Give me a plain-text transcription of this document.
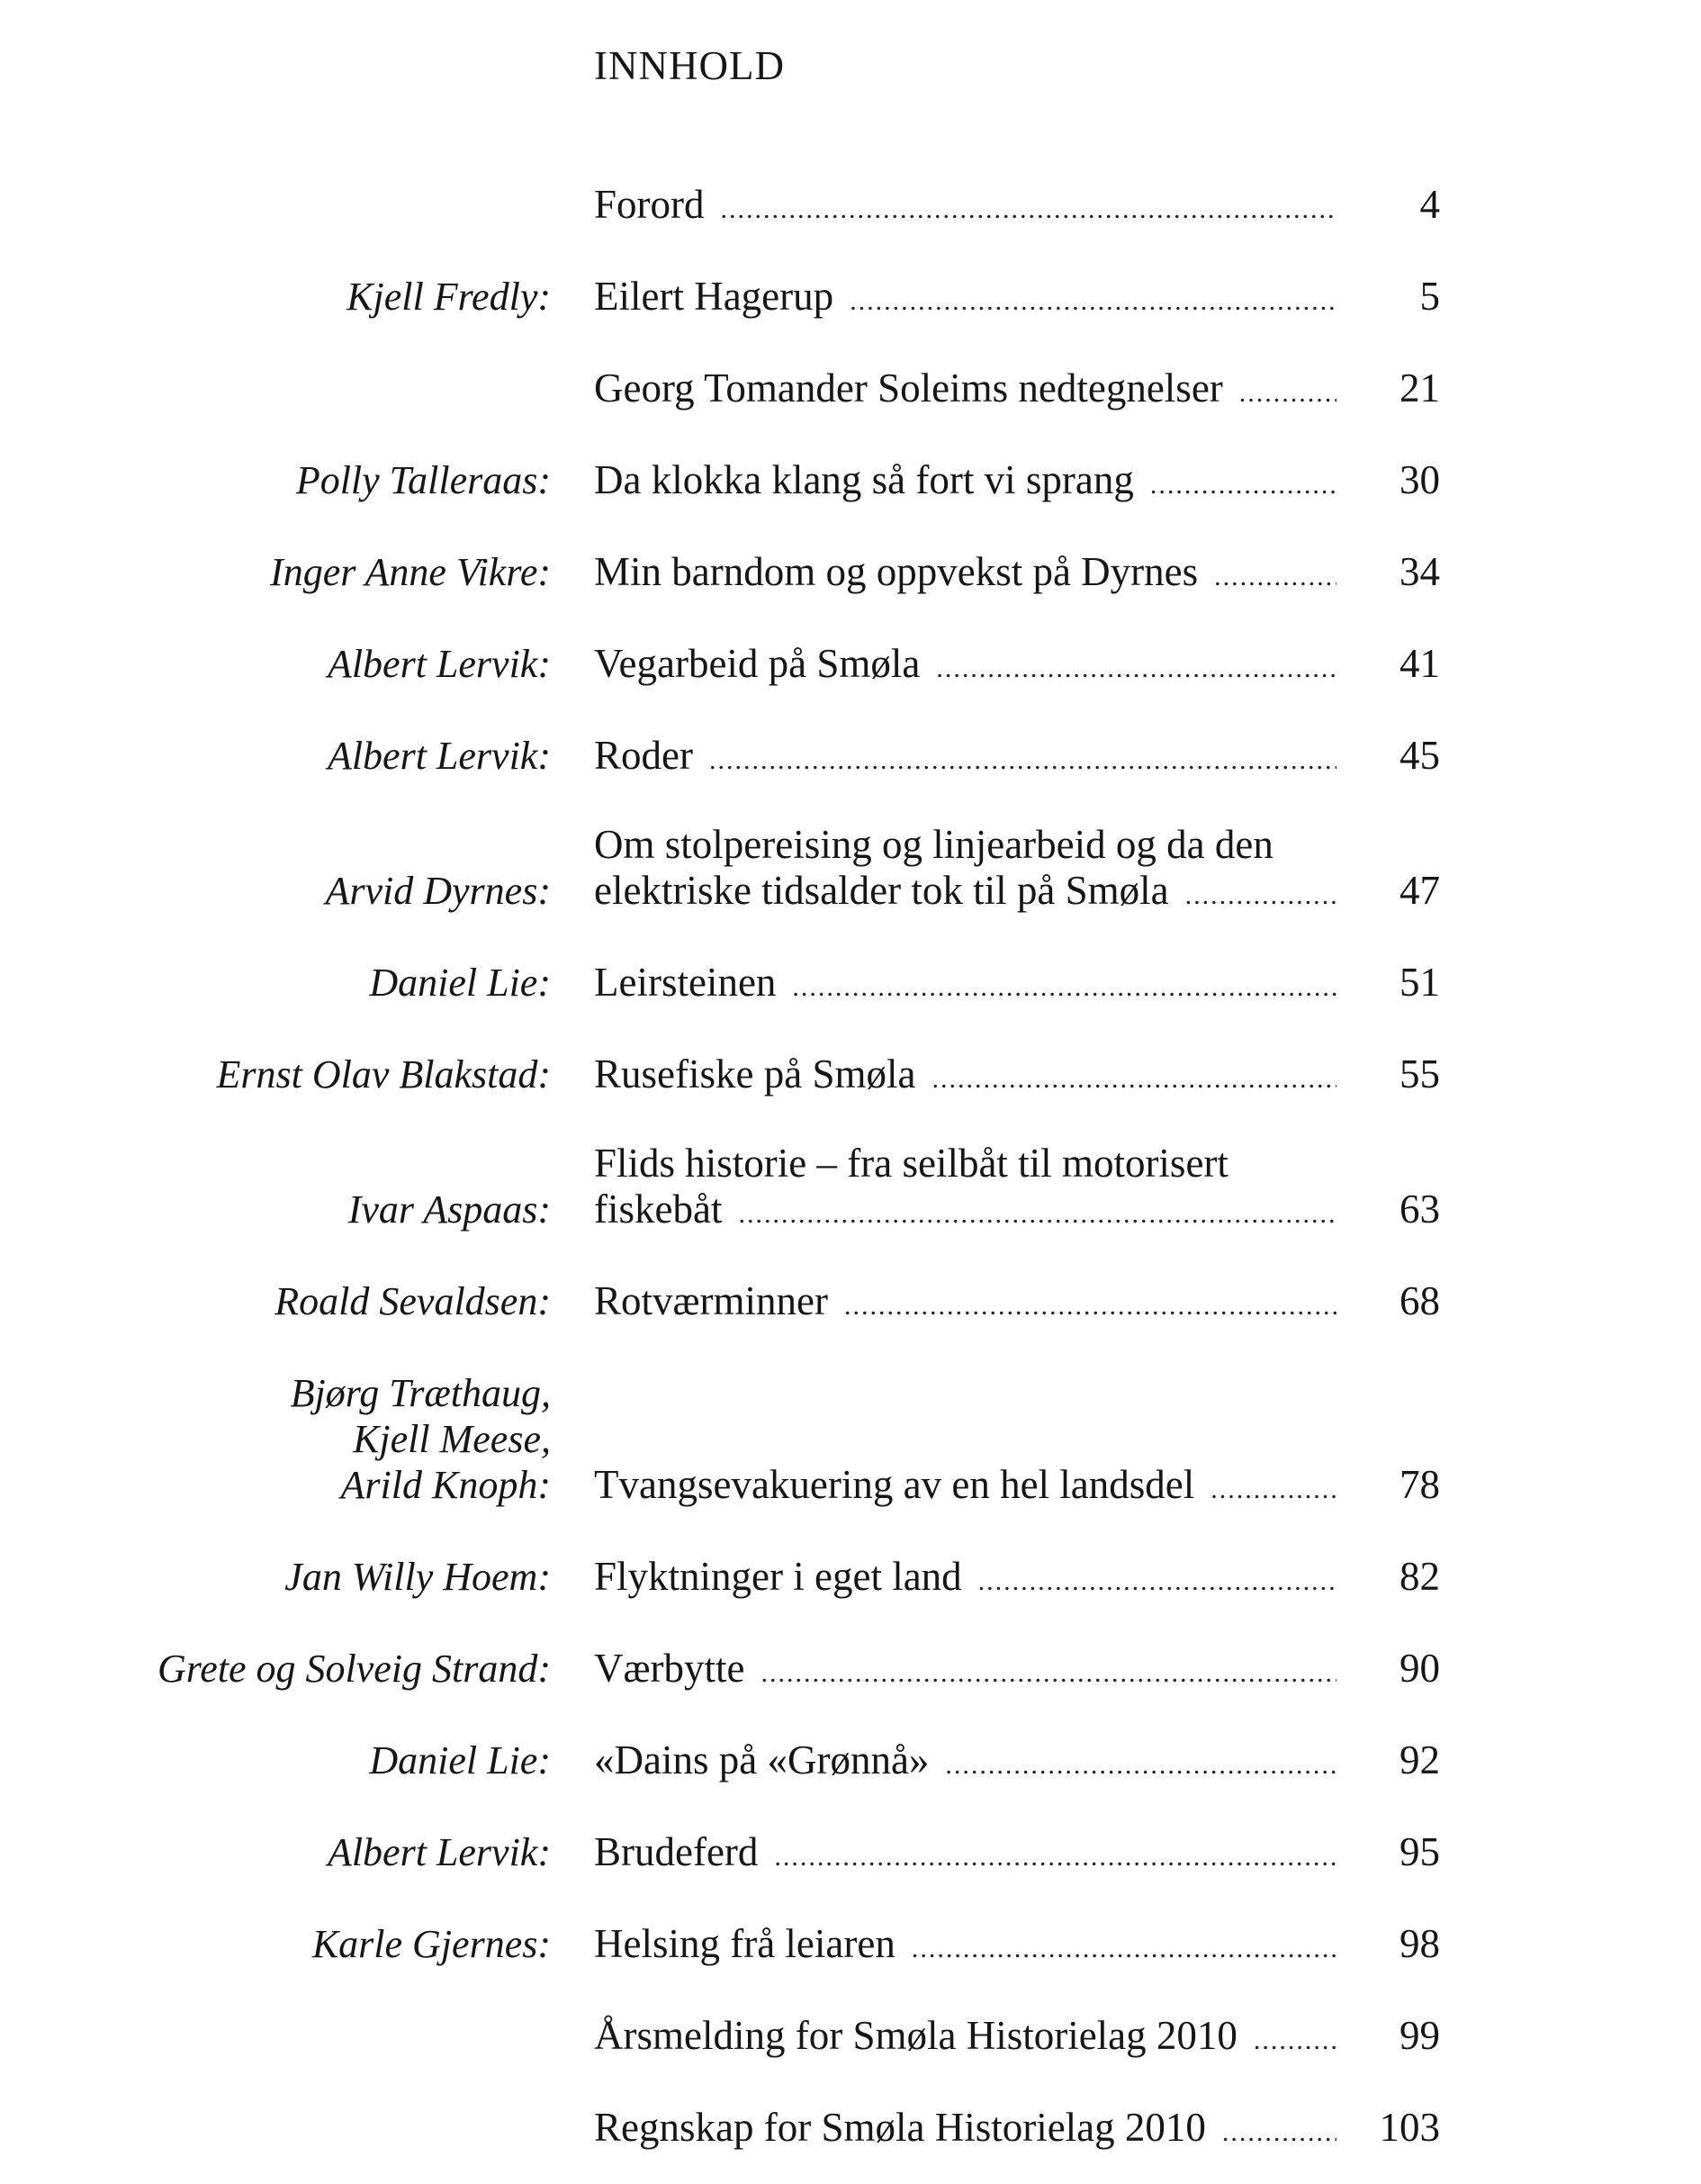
INNHOLD
Forord .....	4
Kjell Fredly: Eilert Hagerup .....	5
Georg Tomander Soleims nedtegnelser .....	21
Polly Talleraas: Da klokka klang så fort vi sprang .....	30
Inger Anne Vikre: Min barndom og oppvekst på Dyrnes .....	34
Albert Lervik: Vegarbeid på Smøla .....	41
Albert Lervik: Roder .....	45
Arvid Dyrnes:
Om stolpereising og linjearbeid og da den
elektriske tidsalder tok til på Smøla .....	47
Daniel Lie: Leirsteinen .....	51
Ernst Olav Blakstad: Rusefiske på Smøla .....	55
Ivar Aspaas:
Flids historie – fra seilbåt til motorisert
fiskebåt .....	63
Roald Sevaldsen: Rotværminner .....	68
Bjørg Træthaug,
Kjell Meese,
Arild Knoph: Tvangsevakuering av en hel landsdel .....	78
Jan Willy Hoem: Flyktninger i eget land .....	82
Grete og Solveig Strand: Værbytte .....	90
Daniel Lie: «Dains på «Grønnå» .....	92
Albert Lervik: Brudeferd .....	95
Karle Gjernes: Helsing frå leiaren .....	98
Årsmelding for Smøla Historielag 2010 .....	99
Regnskap for Smøla Historielag 2010 .....	103
